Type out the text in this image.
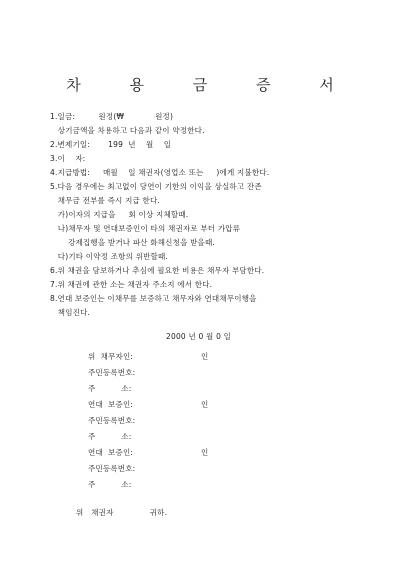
차 용 금 증 서
1.일금:         원정(₩            원정)
상기금액을 차용하고 다음과 같이 약정한다.
2.변제기일:       199  년    월    일
3.이    자:
4.지급방법:     매월    일 채권자(영업소 또는     )에게 지불한다.
5.다음 경우에는 최고없이 당연이 기한의 이익을 상실하고 잔존
채무금 전부를 즉시 지급 한다.
가)이자의 지급을     회 이상 지체할때.
나)채무자 및 연대보증인이 타의 채권자로 부터 가압류
강제집행을 받거나 파산 화해신청을 받을때.
다)기타 이약정 조항의 위반할때.
6.위 채권을 담보하거나 추심에 필요한 비용은 채무자 부담한다.
7.위 채권에 관한 소는 채권자 주소지 에서 한다.
8.연대 보증인는 이채무를 보증하고 채무자와 연대채무이행을
책임진다.
2000 년 0 월 0 일
위  채무자인:	인
주민등록번호:
주          소:
연대  보증인:	인
주민등록번호:
주          소:
연대  보증인:	인
주민등록번호:
주          소:
위   채권자              귀하.
